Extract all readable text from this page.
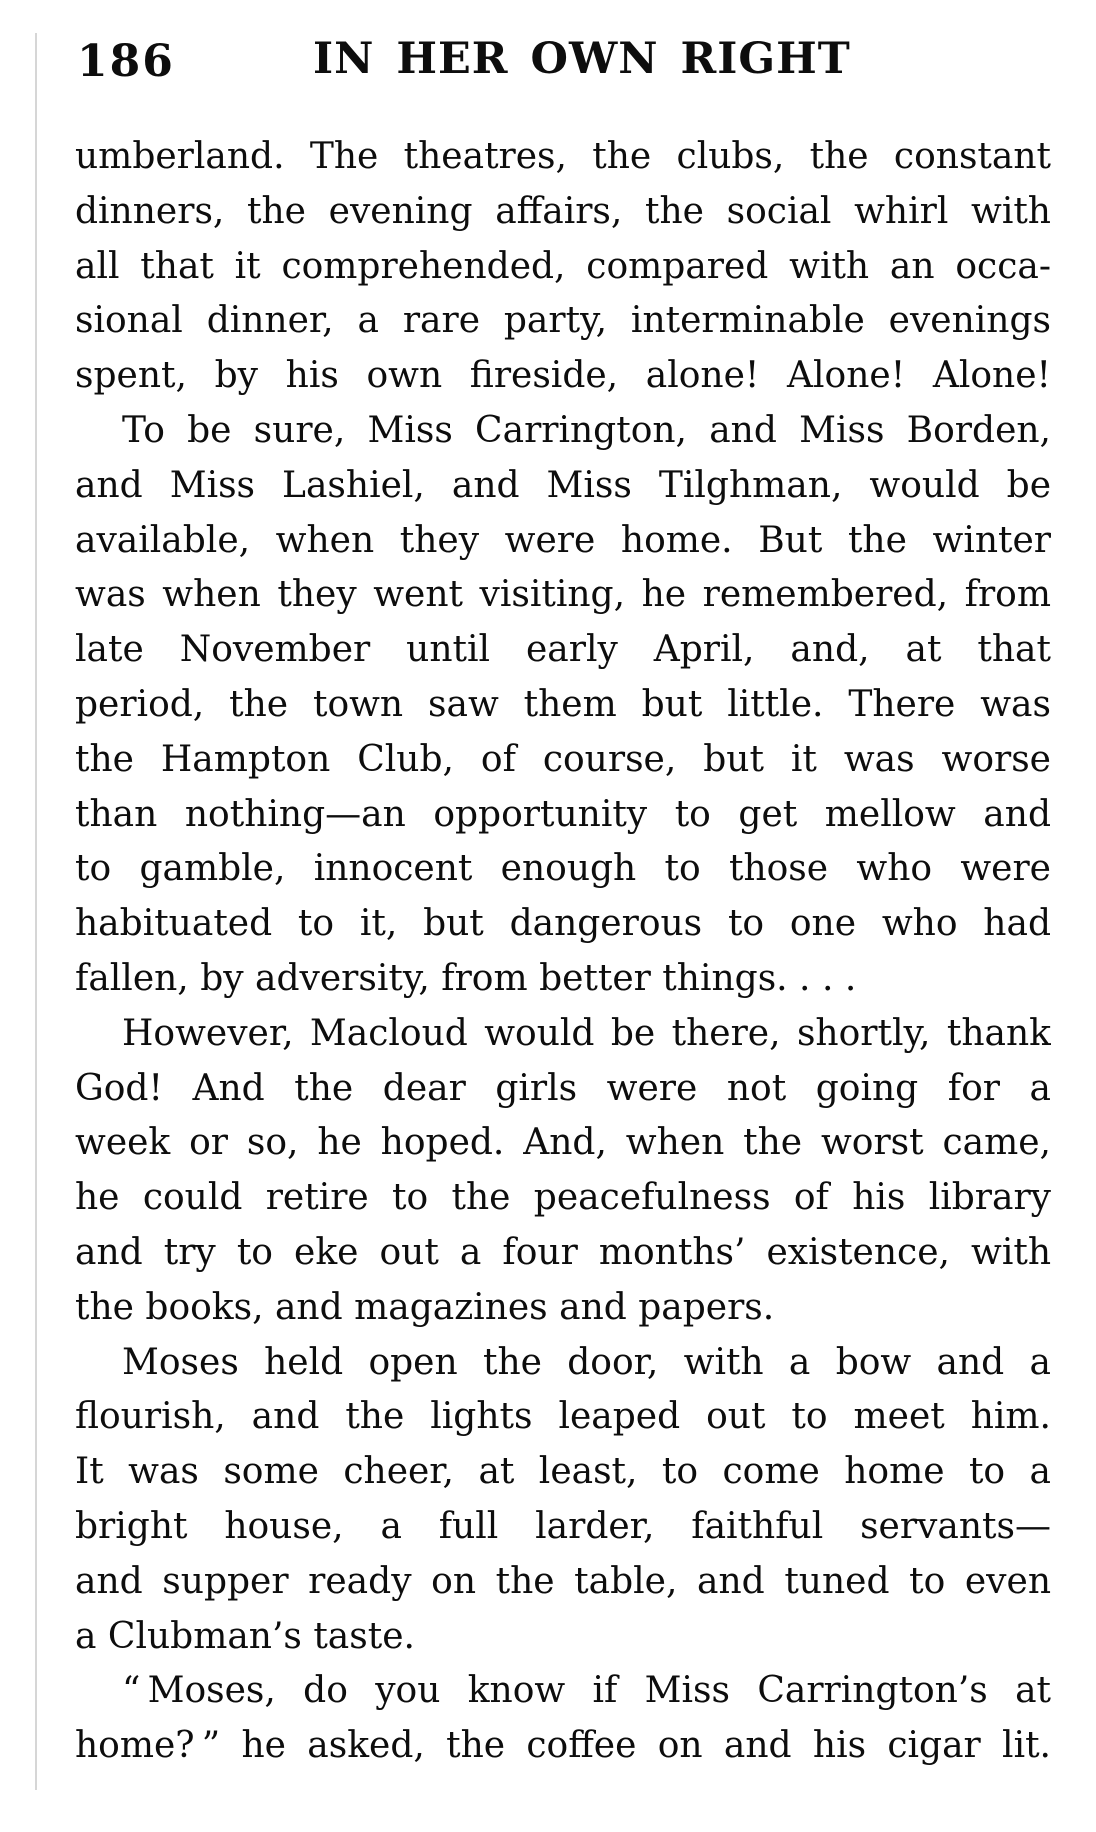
186	IN HER OWN RIGHT
umberland. The theatres, the clubs, the constant
dinners, the evening affairs, the social whirl with
all that it comprehended, compared with an occa-
sional dinner, a rare party, interminable evenings
spent, by his own fireside, alone! Alone! Alone!
To be sure, Miss Carrington, and Miss Borden,
and Miss Lashiel, and Miss Tilghman, would be
available, when they were home. But the winter
was when they went visiting, he remembered, from
late November until early April, and, at that
period, the town saw them but little. There was
the Hampton Club, of course, but it was worse
than nothing—an opportunity to get mellow and
to gamble, innocent enough to those who were
habituated to it, but dangerous to one who had
fallen, by adversity, from better things. . . .
However, Macloud would be there, shortly, thank
God! And the dear girls were not going for a
week or so, he hoped. And, when the worst came,
he could retire to the peacefulness of his library
and try to eke out a four months’ existence, with
the books, and magazines and papers.
Moses held open the door, with a bow and a
flourish, and the lights leaped out to meet him.
It was some cheer, at least, to come home to a
bright house, a full larder, faithful servants—
and supper ready on the table, and tuned to even
a Clubman’s taste.
“ Moses, do you know if Miss Carrington’s at
home? ” he asked, the coffee on and his cigar lit.
